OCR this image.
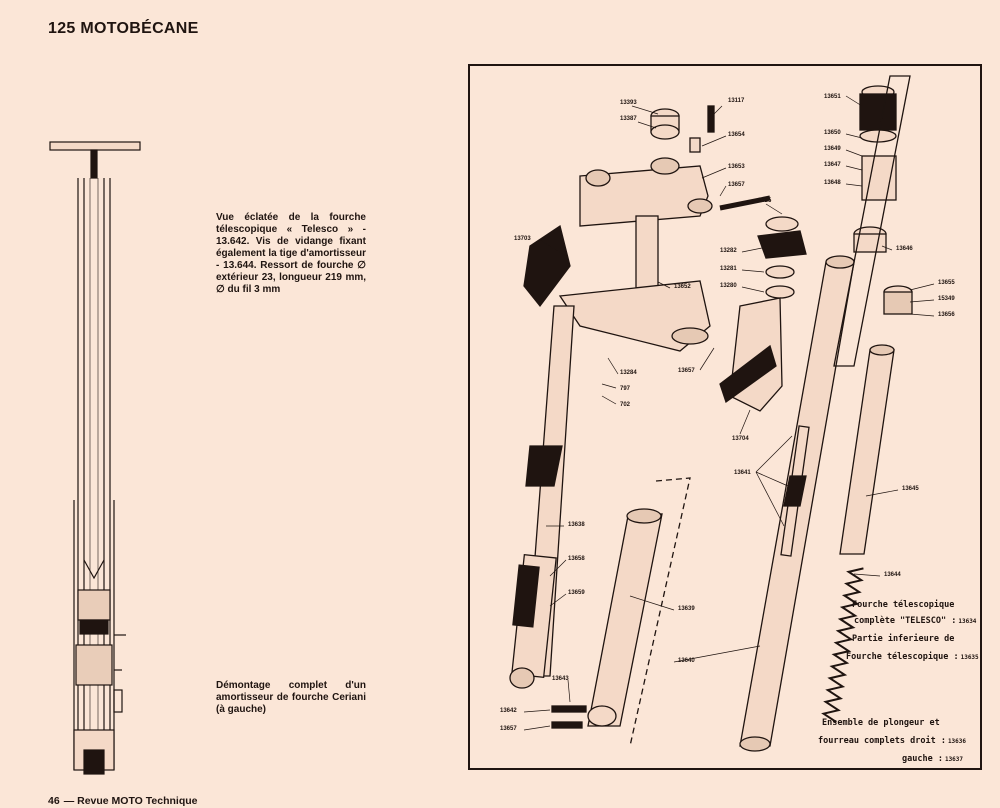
125 MOTOBÉCANE
Vue éclatée de la fourche télescopique « Telesco » - 13.642. Vis de vidange fixant également la tige d'amortisseur - 13.644. Ressort de fourche ∅ extérieur 23, longueur 219 mm, ∅ du fil 3 mm
Démontage complet d'un amortisseur de fourche Ceriani (à gauche)
13393
13387
13117
13654
13653
13657
8425
13703
13282
13281
13280
13652
13284
797
702
13657
13704
13651
13650
13649
13647
13648
13646
13655
15349
13656
13641
13645
13638
13658
13659
13639
13644
13640
13643
13642
13657
Fourche télescopique
complète "TELESCO" : 13634
Partie inferieure de
Fourche télescopique : 13635
Ensemble de plongeur et
fourreau complets droit : 13636
gauche : 13637
46 — Revue MOTO Technique
